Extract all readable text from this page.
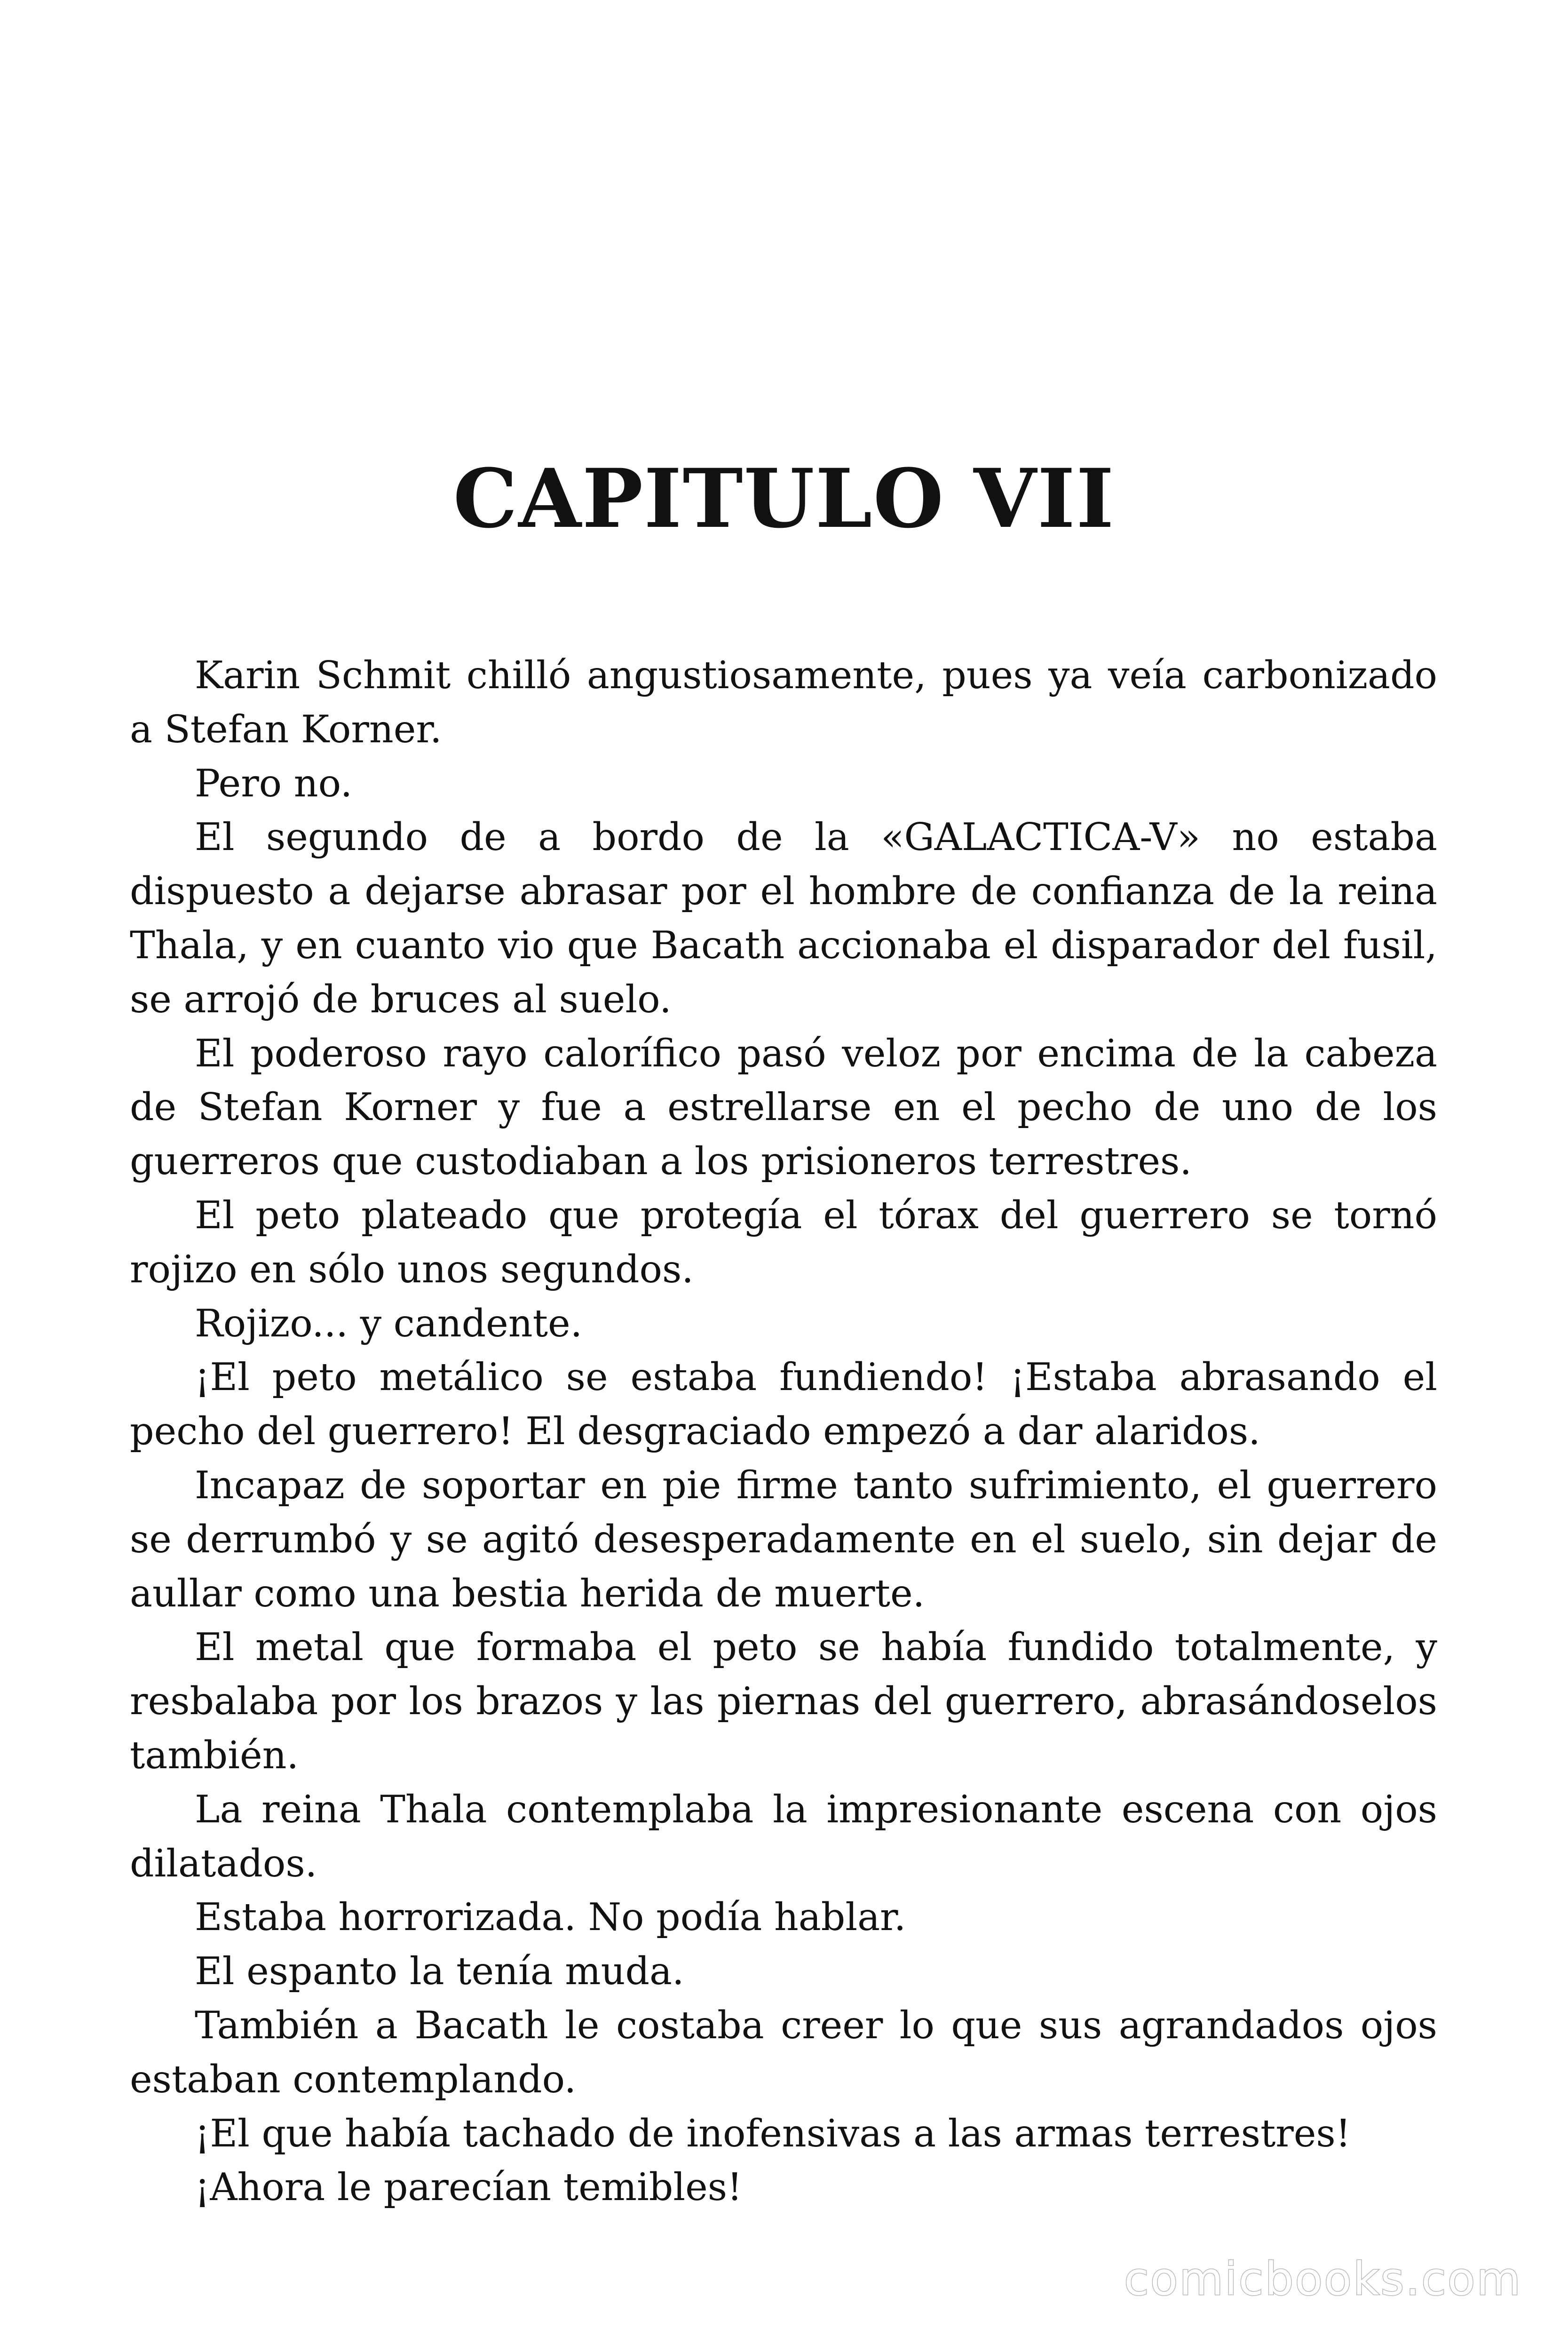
CAPITULO VII

Karin Schmit chilló angustiosamente, pues ya veía carbonizado a Stefan Korner.

Pero no.

El segundo de a bordo de la «GALACTICA-V» no estaba dispuesto a dejarse abrasar por el hombre de confianza de la reina Thala, y en cuanto vio que Bacath accionaba el disparador del fusil, se arrojó de bruces al suelo.

El poderoso rayo calorífico pasó veloz por encima de la cabeza de Stefan Korner y fue a estrellarse en el pecho de uno de los guerreros que custodiaban a los prisioneros terrestres.

El peto plateado que protegía el tórax del guerrero se tornó rojizo en sólo unos segundos.

Rojizo... y candente.

¡El peto metálico se estaba fundiendo! ¡Estaba abrasando el pecho del guerrero! El desgraciado empezó a dar alaridos.

Incapaz de soportar en pie firme tanto sufrimiento, el guerrero se derrumbó y se agitó desesperadamente en el suelo, sin dejar de aullar como una bestia herida de muerte.

El metal que formaba el peto se había fundido totalmente, y resbalaba por los brazos y las piernas del guerrero, abrasándoselos también.

La reina Thala contemplaba la impresionante escena con ojos dilatados.

Estaba horrorizada. No podía hablar.

El espanto la tenía muda.

También a Bacath le costaba creer lo que sus agrandados ojos estaban contemplando.

¡El que había tachado de inofensivas a las armas terrestres!

¡Ahora le parecían temibles!

comicbooks.com
